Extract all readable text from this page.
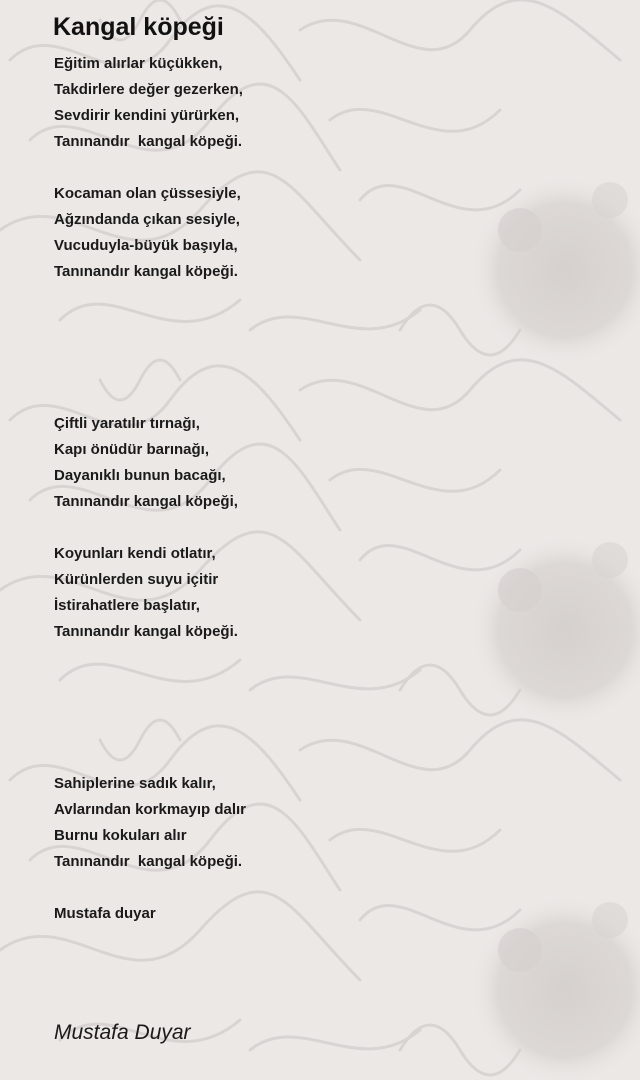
Kangal köpeği
Eğitim alırlar küçükken,
Takdirlere değer gezerken,
Sevdirir kendini yürürken,
Tanınandır  kangal köpeği.
Kocaman olan çüssesiyle,
Ağzındanda çıkan sesiyle,
Vucuduyla-büyük başıyla,
Tanınandır kangal köpeği.
Çiftli yaratılır tırnağı,
Kapı önüdür barınağı,
Dayanıklı bunun bacağı,
Tanınandır kangal köpeği,
Koyunları kendi otlatır,
Kürünlerden suyu içitir
İstirahatlere başlatır,
Tanınandır kangal köpeği.
Sahiplerine sadık kalır,
Avlarından korkmayıp dalır
Burnu kokuları alır
Tanınandır  kangal köpeği.
Mustafa duyar
Mustafa Duyar
